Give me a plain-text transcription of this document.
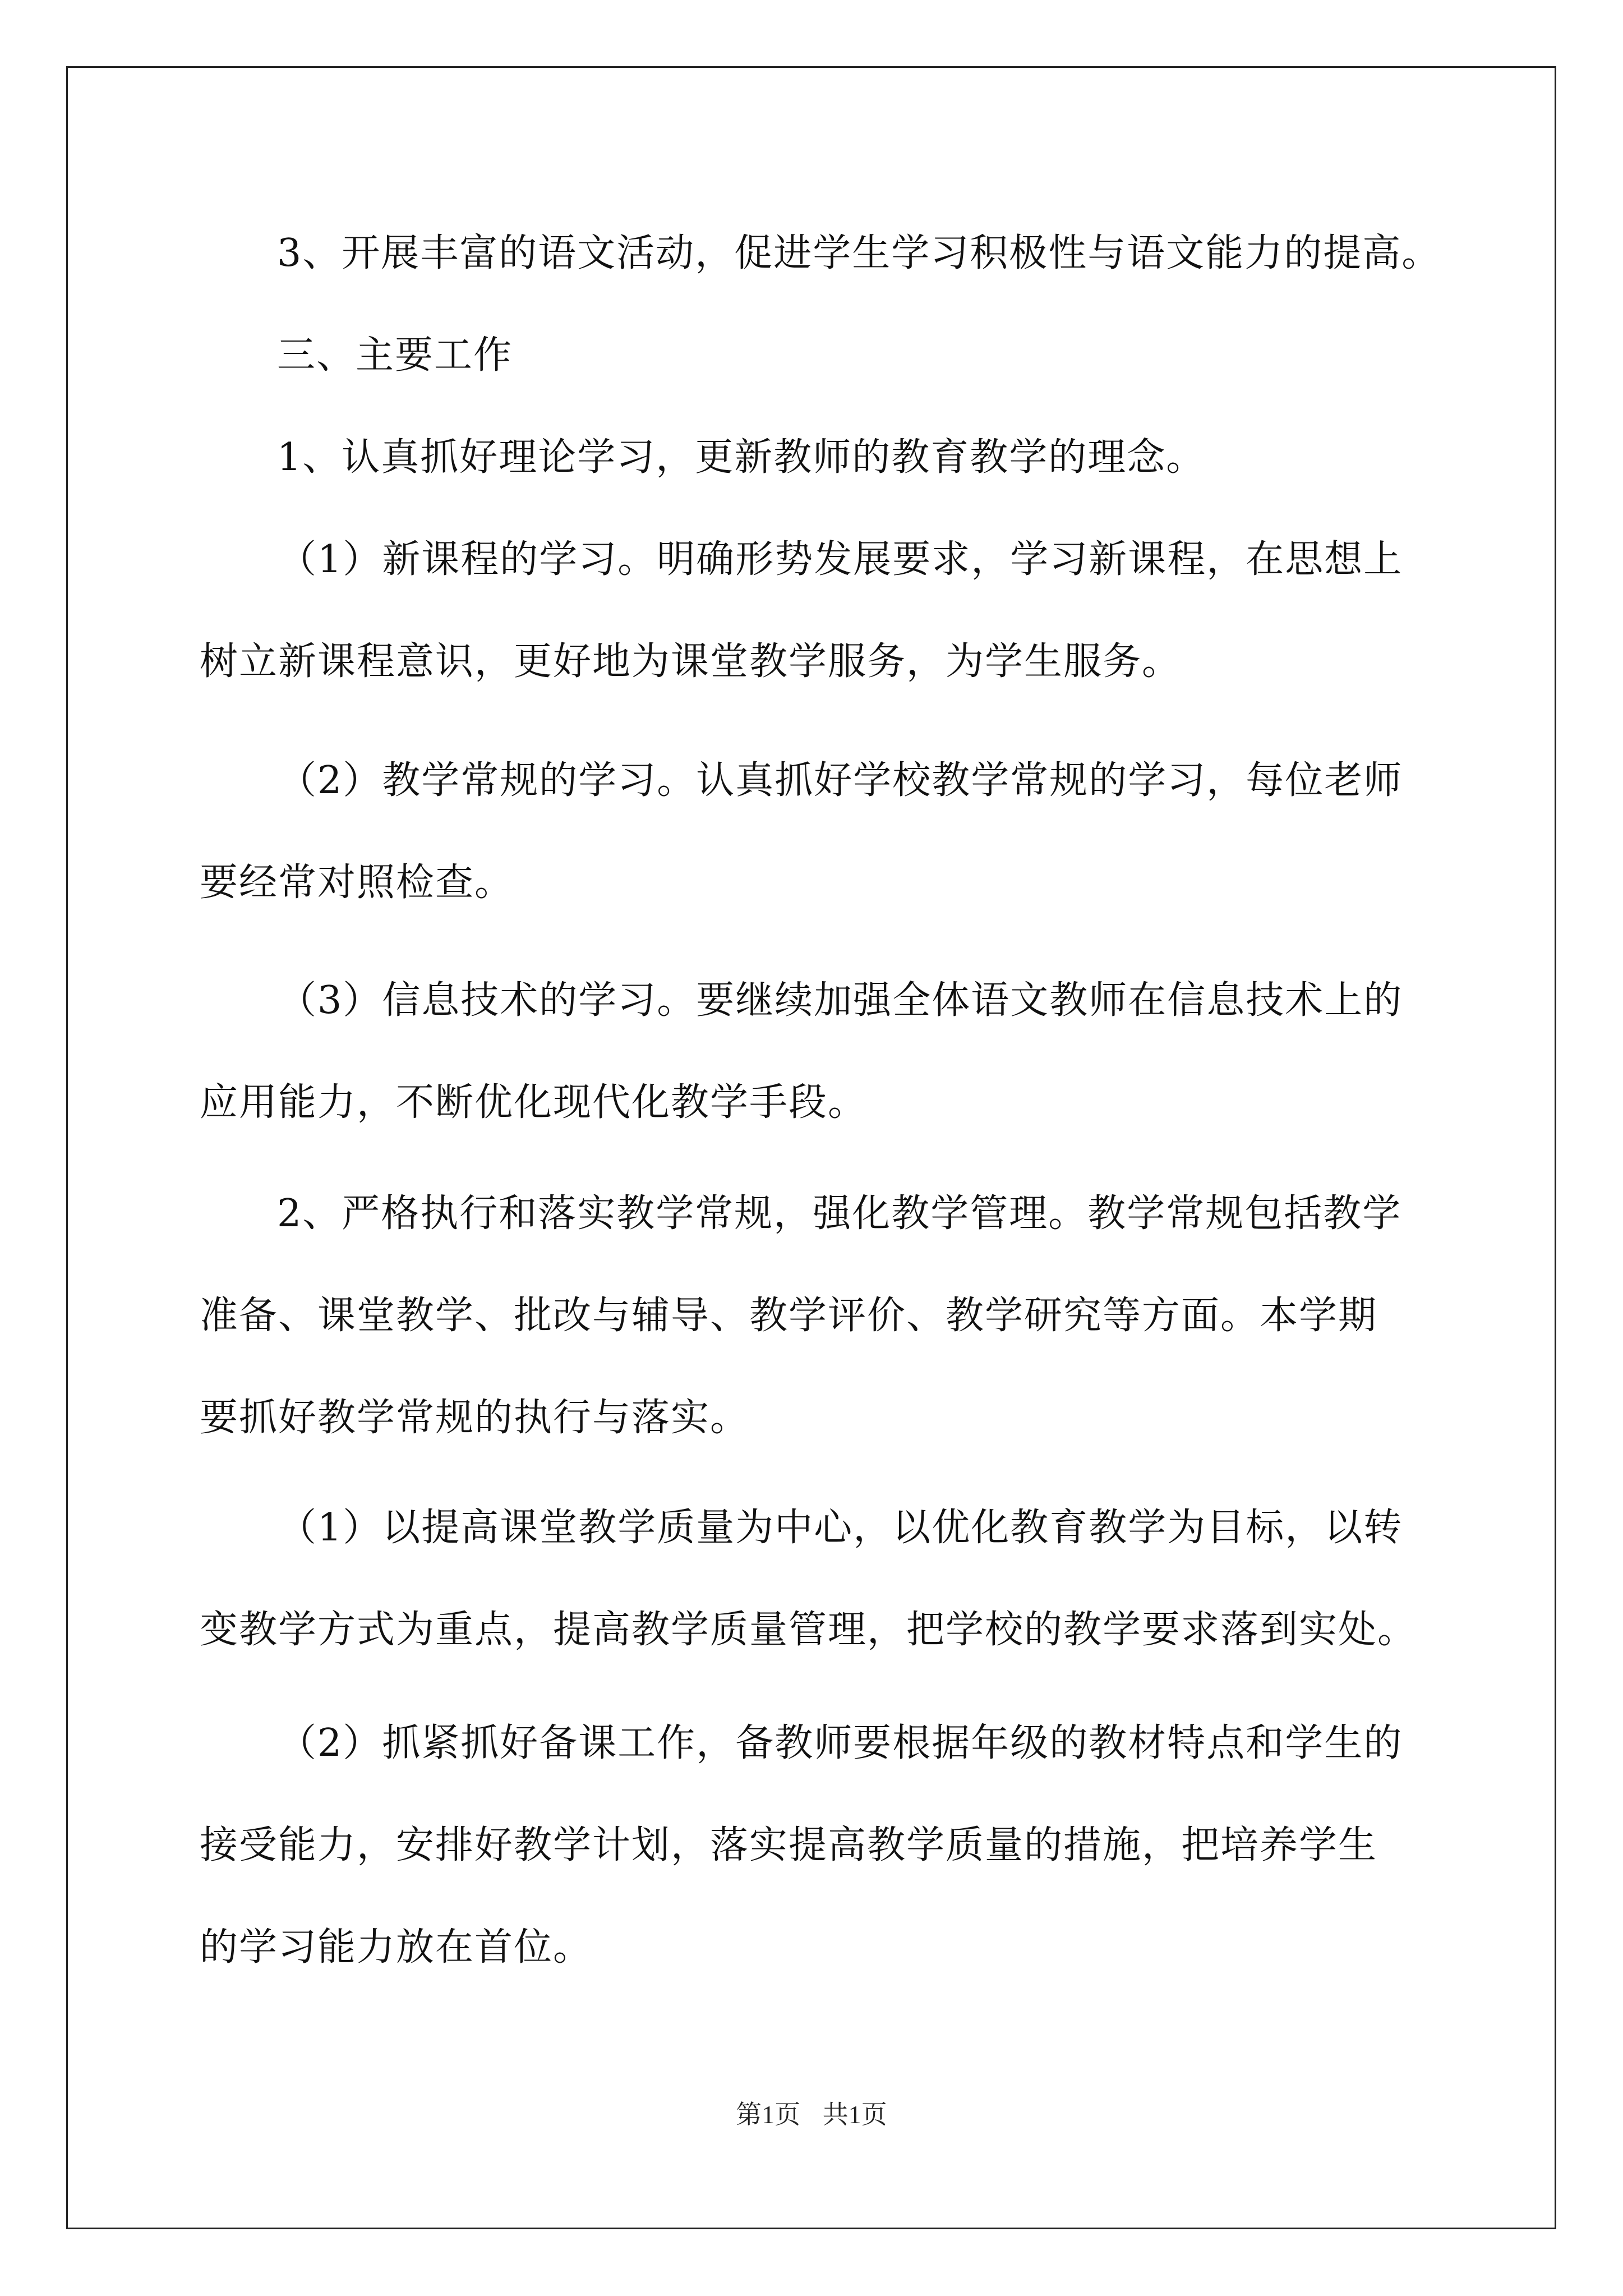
3、开展丰富的语文活动，促进学生学习积极性与语文能力的提高。

三、主要工作

1、认真抓好理论学习，更新教师的教育教学的理念。

（1）新课程的学习。明确形势发展要求，学习新课程，在思想上

树立新课程意识，更好地为课堂教学服务，为学生服务。

（2）教学常规的学习。认真抓好学校教学常规的学习，每位老师

要经常对照检查。

（3）信息技术的学习。要继续加强全体语文教师在信息技术上的

应用能力，不断优化现代化教学手段。

2、严格执行和落实教学常规，强化教学管理。教学常规包括教学

准备、课堂教学、批改与辅导、教学评价、教学研究等方面。本学期

要抓好教学常规的执行与落实。

（1）以提高课堂教学质量为中心，以优化教育教学为目标，以转

变教学方式为重点，提高教学质量管理，把学校的教学要求落到实处。

（2）抓紧抓好备课工作，备教师要根据年级的教材特点和学生的

接受能力，安排好教学计划，落实提高教学质量的措施，把培养学生

的学习能力放在首位。

第1页 共1页
